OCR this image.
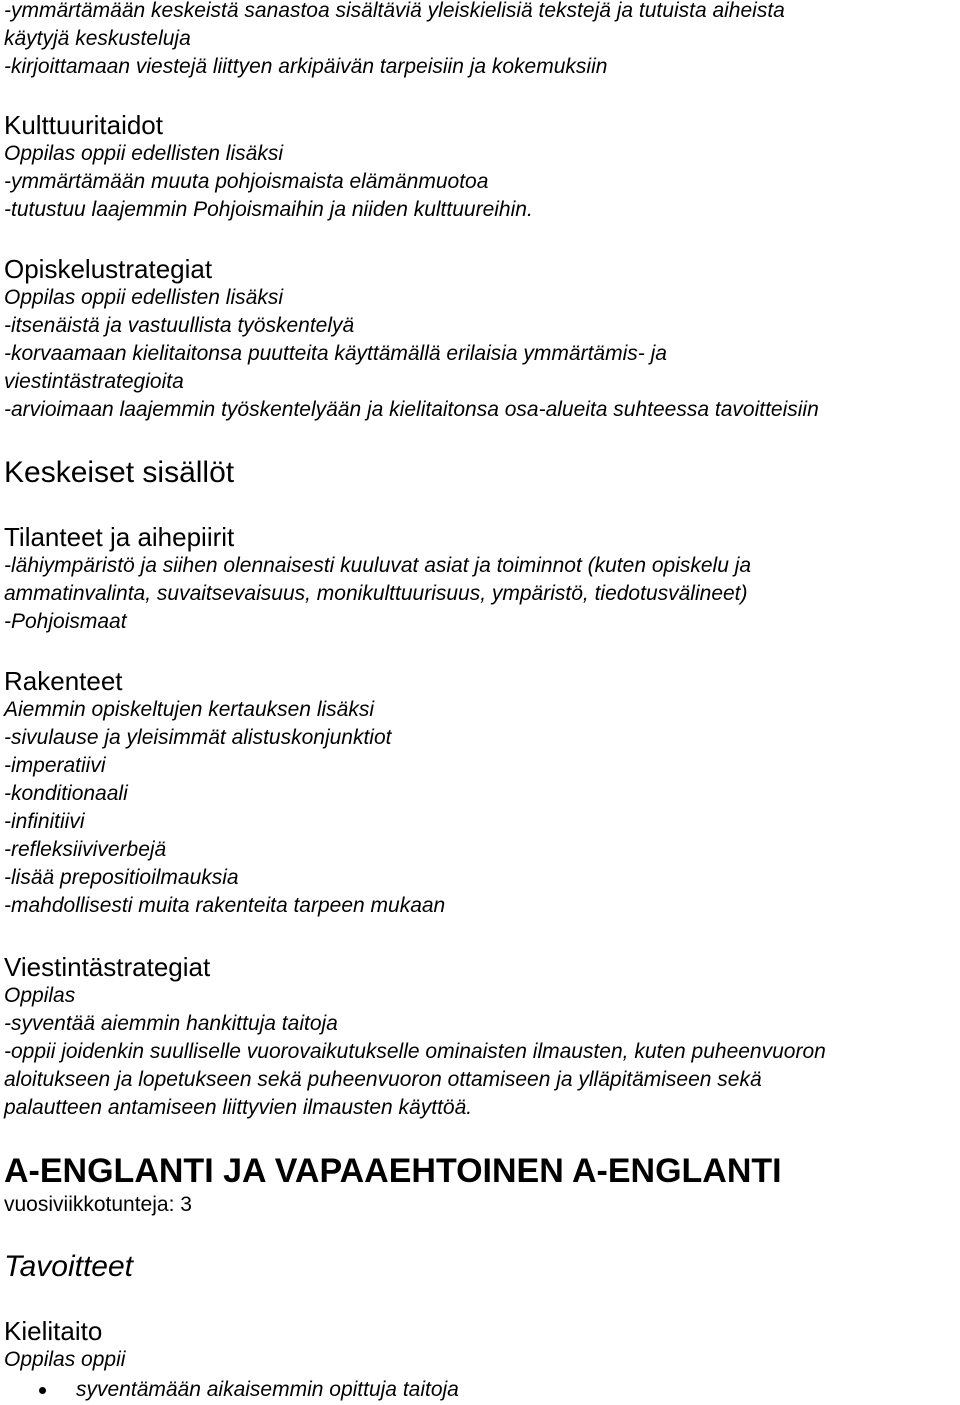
-ymmärtämään keskeistä sanastoa sisältäviä yleiskielisiä tekstejä ja tutuista aiheista
käytyjä keskusteluja
-kirjoittamaan viestejä liittyen arkipäivän tarpeisiin ja kokemuksiin
Kulttuuritaidot
Oppilas oppii edellisten lisäksi
-ymmärtämään muuta pohjoismaista elämänmuotoa
-tutustuu laajemmin Pohjoismaihin ja niiden kulttuureihin.
Opiskelustrategiat
Oppilas oppii edellisten lisäksi
-itsenäistä ja vastuullista työskentelyä
-korvaamaan kielitaitonsa puutteita käyttämällä erilaisia ymmärtämis- ja
viestintästrategioita
-arvioimaan laajemmin työskentelyään ja kielitaitonsa osa-alueita suhteessa tavoitteisiin
Keskeiset sisällöt
Tilanteet ja aihepiirit
-lähiympäristö ja siihen olennaisesti kuuluvat asiat ja toiminnot (kuten opiskelu ja
ammatinvalinta, suvaitsevaisuus, monikulttuurisuus, ympäristö, tiedotusvälineet)
-Pohjoismaat
Rakenteet
Aiemmin opiskeltujen kertauksen lisäksi
-sivulause ja yleisimmät alistuskonjunktiot
-imperatiivi
-konditionaali
-infinitiivi
-refleksiiviverbejä
-lisää prepositioilmauksia
-mahdollisesti muita rakenteita tarpeen mukaan
Viestintästrategiat
Oppilas
-syventää aiemmin hankittuja taitoja
-oppii joidenkin suulliselle vuorovaikutukselle ominaisten ilmausten, kuten puheenvuoron
aloitukseen ja lopetukseen sekä puheenvuoron ottamiseen ja ylläpitämiseen sekä
palautteen antamiseen liittyvien ilmausten käyttöä.
A-ENGLANTI JA VAPAAEHTOINEN A-ENGLANTI
vuosiviikkotunteja: 3
Tavoitteet
Kielitaito
Oppilas oppii
syventämään aikaisemmin opittuja taitoja
